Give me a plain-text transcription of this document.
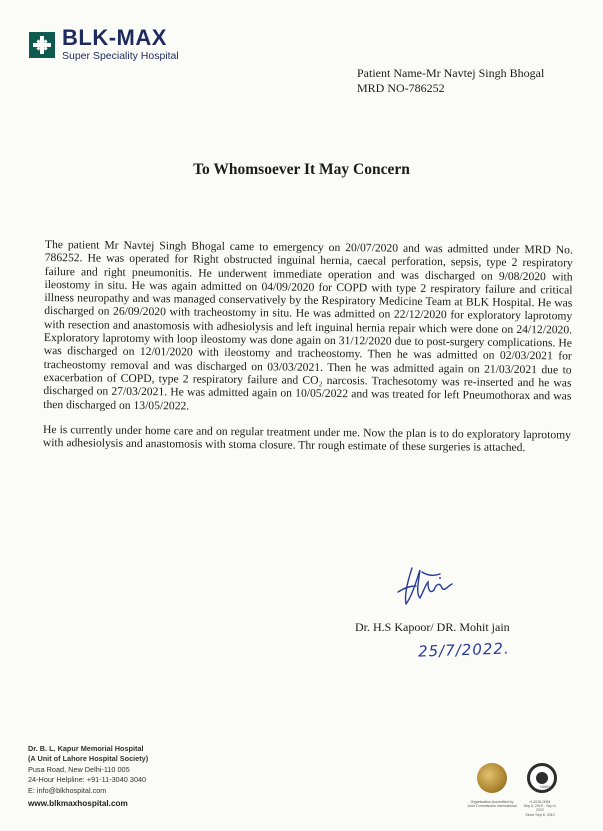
BLK-MAX
Super Speciality Hospital
Patient Name-Mr Navtej Singh Bhogal
MRD NO-786252
To Whomsoever It May Concern

The patient Mr Navtej Singh Bhogal came to emergency on 20/07/2020 and was admitted under MRD No. 786252. He was operated for Right obstructed inguinal hernia, caecal perforation, sepsis, type 2 respiratory failure and right pneumonitis. He underwent immediate operation and was discharged on 9/08/2020 with ileostomy in situ. He was again admitted on 04/09/2020 for COPD with type 2 respiratory failure and critical illness neuropathy and was managed conservatively by the Respiratory Medicine Team at BLK Hospital. He was discharged on 26/09/2020 with tracheostomy in situ. He was admitted on 22/12/2020 for exploratory laprotomy with resection and anastomosis with adhesiolysis and left inguinal hernia repair which were done on 24/12/2020. Exploratory laprotomy with loop ileostomy was done again on 31/12/2020 due to post-surgery complications. He was discharged on 12/01/2020 with ileostomy and tracheostomy. Then he was admitted on 02/03/2021 for tracheostomy removal and was discharged on 03/03/2021. Then he was admitted again on 21/03/2021 due to exacerbation of COPD, type 2 respiratory failure and CO₂ narcosis. Trachesotomy was re-inserted and he was discharged on 27/03/2021. He was admitted again on 10/05/2022 and was treated for left Pneumothorax and was then discharged on 13/05/2022.

He is currently under home care and on regular treatment under me. Now the plan is to do exploratory laprotomy with adhesiolysis and anastomosis with stoma closure. Thr rough estimate of these surgeries is attached.

Dr. H.S Kapoor/ DR. Mohit jain
25/7/2022.
Dr. B. L. Kapur Memorial Hospital
(A Unit of Lahore Hospital Society)
Pusa Road, New Delhi-110 005
24-Hour Helpline: +91-11-3040 3040
E: info@blkhospital.com
www.blkmaxhospital.com	Organisation Accredited by
Joint Commission International
NABH
H-2016-0054
Sep 6, 2019 - Sep 6, 2022
Since Sep 6, 2010
